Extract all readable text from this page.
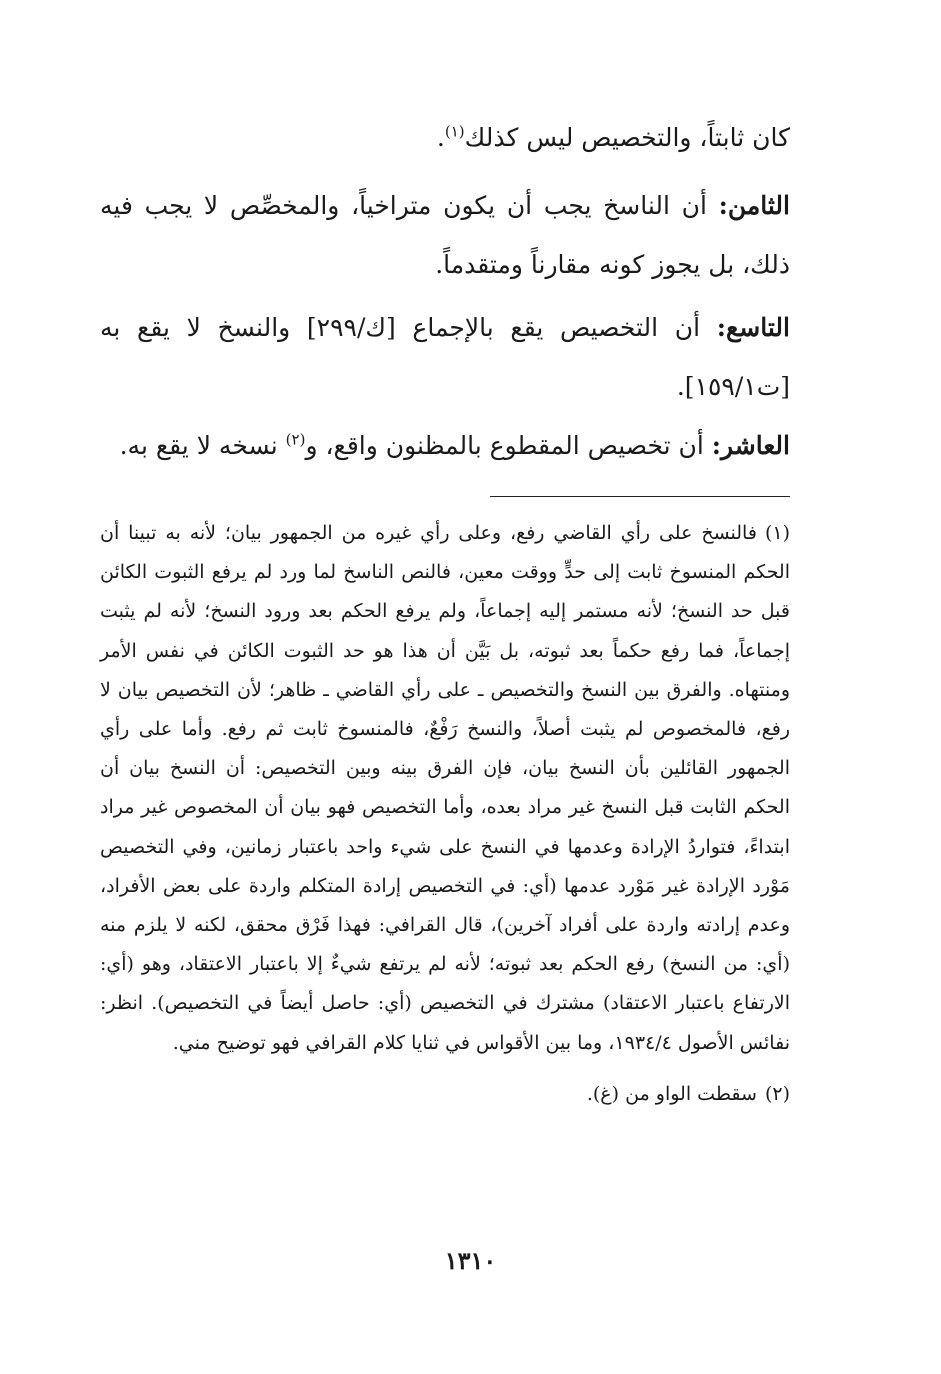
كان ثابتاً، والتخصيص ليس كذلك$^{(١)}$.

الثامن: أن الناسخ يجب أن يكون متراخياً، والمخصِّص لا يجب فيه ذلك، بل يجوز كونه مقارناً ومتقدماً.

التاسع: أن التخصيص يقع بالإجماع [ك/٢٩٩] والنسخ لا يقع به [ت١٥٩/١].

العاشر: أن تخصيص المقطوع بالمظنون واقع، و$^{(٢)}$ نسخه لا يقع به.

(١)فالنسخ على رأي القاضي رفع، وعلى رأي غيره من الجمهور بيان؛ لأنه به تبينا أن الحكم المنسوخ ثابت إلى حدٍّ ووقت معين، فالنص الناسخ لما ورد لم يرفع الثبوت الكائن قبل حد النسخ؛ لأنه مستمر إليه إجماعاً، ولم يرفع الحكم بعد ورود النسخ؛ لأنه لم يثبت إجماعاً، فما رفع حكماً بعد ثبوته، بل بَيَّن أن هذا هو حد الثبوت الكائن في نفس الأمر ومنتهاه. والفرق بين النسخ والتخصيص ـ على رأي القاضي ـ ظاهر؛ لأن التخصيص بيان لا رفع، فالمخصوص لم يثبت أصلاً، والنسخ رَفْعٌ، فالمنسوخ ثابت ثم رفع. وأما على رأي الجمهور القائلين بأن النسخ بيان، فإن الفرق بينه وبين التخصيص: أن النسخ بيان أن الحكم الثابت قبل النسخ غير مراد بعده، وأما التخصيص فهو بيان أن المخصوص غير مراد ابتداءً، فتواردُ الإرادة وعدمها في النسخ على شيء واحد باعتبار زمانين، وفي التخصيص مَوْرد الإرادة غير مَوْرد عدمها (أي: في التخصيص إرادة المتكلم واردة على بعض الأفراد، وعدم إرادته واردة على أفراد آخرين)، قال القرافي: فهذا فَرْق محقق، لكنه لا يلزم منه (أي: من النسخ) رفع الحكم بعد ثبوته؛ لأنه لم يرتفع شيءٌ إلا باعتبار الاعتقاد، وهو (أي: الارتفاع باعتبار الاعتقاد) مشترك في التخصيص (أي: حاصل أيضاً في التخصيص). انظر: نفائس الأصول ١٩٣٤/٤، وما بين الأقواس في ثنايا كلام القرافي فهو توضيح مني.

(٢)سقطت الواو من (غ).

١٣١٠
